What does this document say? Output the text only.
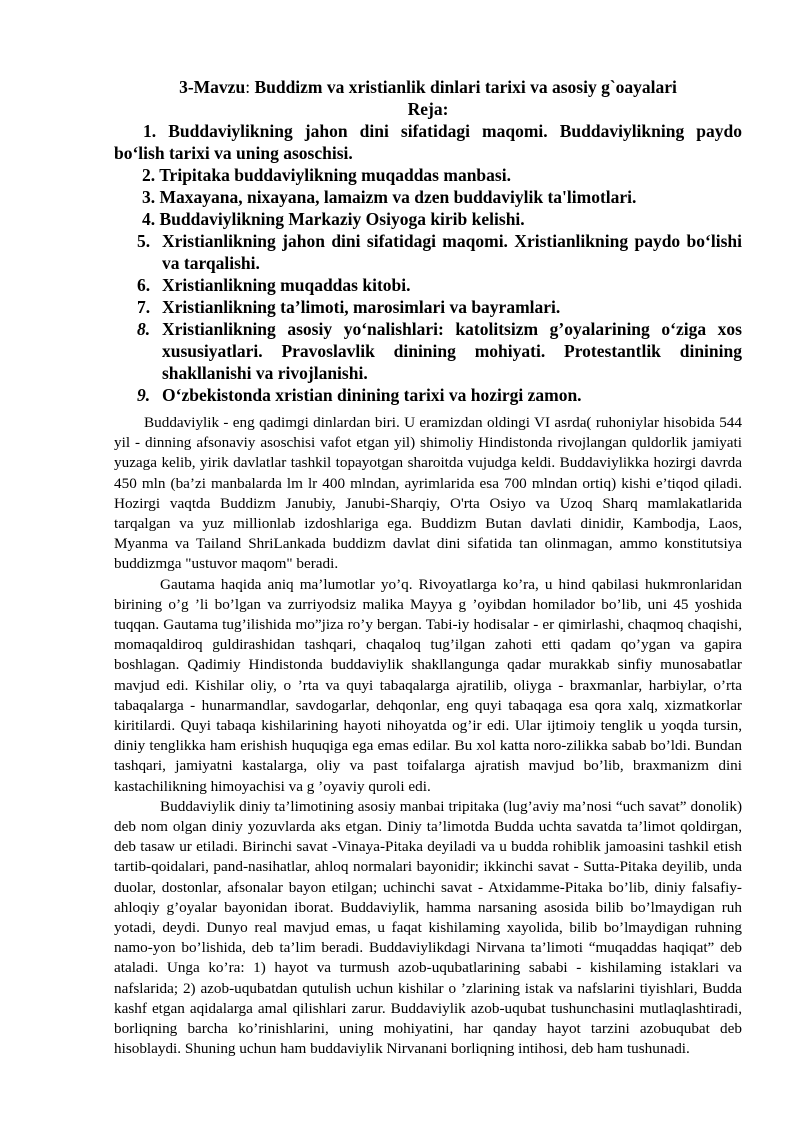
3-Mavzu: Buddizm va xristianlik dinlari tarixi va asosiy g`oayalari
Reja:
1. Buddaviylikning jahon dini sifatidagi maqomi. Buddaviylikning paydo bo‘lish tarixi va uning asoschisi.
2. Tripitaka buddaviylikning muqaddas manbasi.
3. Maxayana, nixayana, lamaizm va dzen buddaviylik ta'limotlari.
4. Buddaviylikning Markaziy Osiyoga kirib kelishi.
5. Xristianlikning jahon dini sifatidagi maqomi. Xristianlikning paydo bo‘lishi va tarqalishi.
6. Xristianlikning muqaddas kitobi.
7. Xristianlikning ta’limoti, marosimlari va bayramlari.
8. Xristianlikning asosiy yo‘nalishlari: katolitsizm g’oyalarining o‘ziga xos xususiyatlari. Pravoslavlik dinining mohiyati. Protestantlik dinining shakllanishi va rivojlanishi.
9. O‘zbekistonda xristian dinining tarixi va hozirgi zamon.

Buddaviylik - eng qadimgi dinlardan biri. U eramizdan oldingi VI asrda( ruhoniylar hisobida 544 yil - dinning afsonaviy asoschisi vafot etgan yil) shimoliy Hindistonda rivojlangan quldorlik jamiyati yuzaga kelib, yirik davlatlar tashkil topayotgan sharoitda vujudga keldi. Buddaviylikka hozirgi davrda 450 mln (ba’zi manbalarda lm lr 400 mlndan, ayrimlarida esa 700 mlndan ortiq) kishi e’tiqod qiladi. Hozirgi vaqtda Buddizm Janubiy, Janubi-Sharqiy, O'rta Osiyo va Uzoq Sharq mamlakatlarida tarqalgan va yuz millionlab izdoshlariga ega. Buddizm Butan davlati dinidir, Kambodja, Laos, Myanma va Tailand ShriLankada buddizm davlat dini sifatida tan olinmagan, ammo konstitutsiya buddizmga "ustuvor maqom" beradi.

Gautama haqida aniq ma’lumotlar yo’q. Rivoyatlarga ko’ra, u hind qabilasi hukmronlaridan birining o’g ’li bo’lgan va zurriyodsiz malika Mayya g ’oyibdan homilador bo’lib, uni 45 yoshida tuqqan. Gautama tug’ilishida mo”jiza ro’y bergan. Tabi-iy hodisalar - er qimirlashi, chaqmoq chaqishi, momaqaldiroq guldirashidan tashqari, chaqaloq tug’ilgan zahoti etti qadam qo’ygan va gapira boshlagan. Qadimiy Hindistonda buddaviylik shakllangunga qadar murakkab sinfiy munosabatlar mavjud edi. Kishilar oliy, o ’rta va quyi tabaqalarga ajratilib, oliyga - braxmanlar, harbiylar, o’rta tabaqalarga - hunarmandlar, savdogarlar, dehqonlar, eng quyi tabaqaga esa qora xalq, xizmatkorlar kiritilardi. Quyi tabaqa kishilarining hayoti nihoyatda og’ir edi. Ular ijtimoiy tenglik u yoqda tursin, diniy tenglikka ham erishish huquqiga ega emas edilar. Bu xol katta noro-zilikka sabab bo’ldi. Bundan tashqari, jamiyatni kastalarga, oliy va past toifalarga ajratish mavjud bo’lib, braxmanizm dini kastachilikning himoyachisi va g ’oyaviy quroli edi.

Buddaviylik diniy ta’limotining asosiy manbai tripitaka (lug’aviy ma’nosi “uch savat” donolik) deb nom olgan diniy yozuvlarda aks etgan. Diniy ta’limotda Budda uchta savatda ta’limot qoldirgan, deb tasaw ur etiladi. Birinchi savat -Vinaya-Pitaka deyiladi va u budda rohiblik jamoasini tashkil etish tartib-qoidalari, pand-nasihatlar, ahloq normalari bayonidir; ikkinchi savat - Sutta-Pitaka deyilib, unda duolar, dostonlar, afsonalar bayon etilgan; uchinchi savat - Atxidamme-Pitaka bo’lib, diniy falsafiy-ahloqiy g’oyalar bayonidan iborat. Buddaviylik, hamma narsaning asosida bilib bo’lmaydigan ruh yotadi, deydi. Dunyo real mavjud emas, u faqat kishilaming xayolida, bilib bo’lmaydigan ruhning namo-yon bo’lishida, deb ta’lim beradi. Buddaviylikdagi Nirvana ta’limoti “muqaddas haqiqat” deb ataladi. Unga ko’ra: 1) hayot va turmush azob-uqubatlarining sababi - kishilaming istaklari va nafslarida; 2) azob-uqubatdan qutulish uchun kishilar o ’zlarining istak va nafslarini tiyishlari, Budda kashf etgan aqidalarga amal qilishlari zarur. Buddaviylik azob-uqubat tushunchasini mutlaqlashtiradi, borliqning barcha ko’rinishlarini, uning mohiyatini, har qanday hayot tarzini azobuqubat deb hisoblaydi. Shuning uchun ham buddaviylik Nirvanani borliqning intihosi, deb ham tushunadi.
